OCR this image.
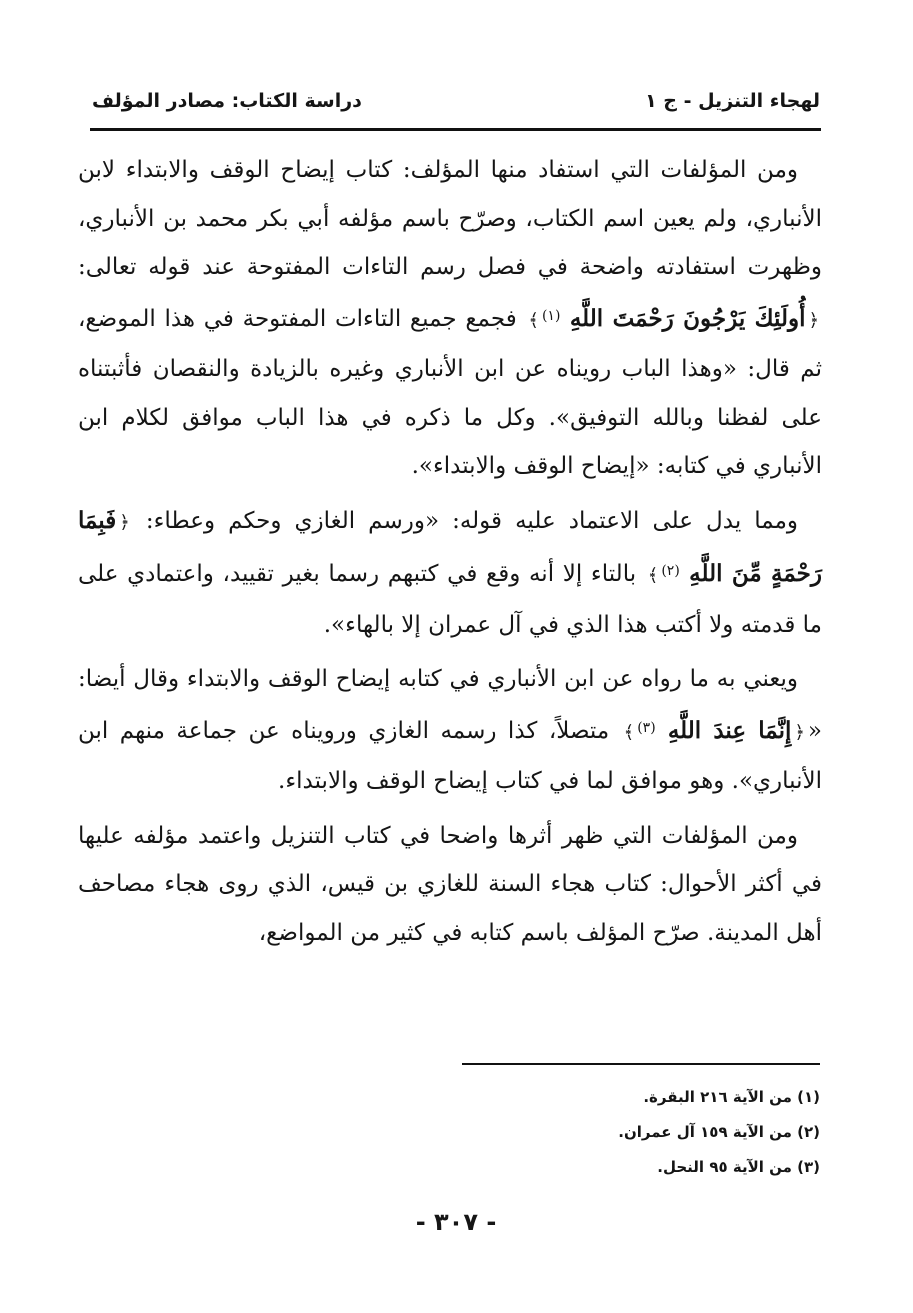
لهجاء التنزيل - ج ١
دراسة الكتاب: مصادر المؤلف

ومن المؤلفات التي استفاد منها المؤلف: كتاب إيضاح الوقف والابتداء لابن الأنباري، ولم يعين اسم الكتاب، وصرّح باسم مؤلفه أبي بكر محمد بن الأنباري، وظهرت استفادته واضحة في فصل رسم التاءات المفتوحة عند قوله تعالى: ﴿أُولَئِكَ يَرْجُونَ رَحْمَتَ اللَّهِ $^{(١)}$﴾ فجمع جميع التاءات المفتوحة في هذا الموضع، ثم قال: «وهذا الباب رويناه عن ابن الأنباري وغيره بالزيادة والنقصان فأثبتناه على لفظنا وبالله التوفيق». وكل ما ذكره في هذا الباب موافق لكلام ابن الأنباري في كتابه: «إيضاح الوقف والابتداء».

ومما يدل على الاعتماد عليه قوله: «ورسم الغازي وحكم وعطاء: ﴿فَبِمَا رَحْمَةٍ مِّنَ اللَّهِ $^{(٢)}$﴾ بالتاء إلا أنه وقع في كتبهم رسما بغير تقييد، واعتمادي على ما قدمته ولا أكتب هذا الذي في آل عمران إلا بالهاء».

ويعني به ما رواه عن ابن الأنباري في كتابه إيضاح الوقف والابتداء وقال أيضا: «﴿إِنَّمَا عِندَ اللَّهِ $^{(٣)}$﴾ متصلاً، كذا رسمه الغازي ورويناه عن جماعة منهم ابن الأنباري». وهو موافق لما في كتاب إيضاح الوقف والابتداء.

ومن المؤلفات التي ظهر أثرها واضحا في كتاب التنزيل واعتمد مؤلفه عليها في أكثر الأحوال: كتاب هجاء السنة للغازي بن قيس، الذي روى هجاء مصاحف أهل المدينة. صرّح المؤلف باسم كتابه في كثير من المواضع،

(١) من الآية ٢١٦ البقرة.
(٢) من الآية ١٥٩ آل عمران.
(٣) من الآية ٩٥ النحل.
- ٣٠٧ -
